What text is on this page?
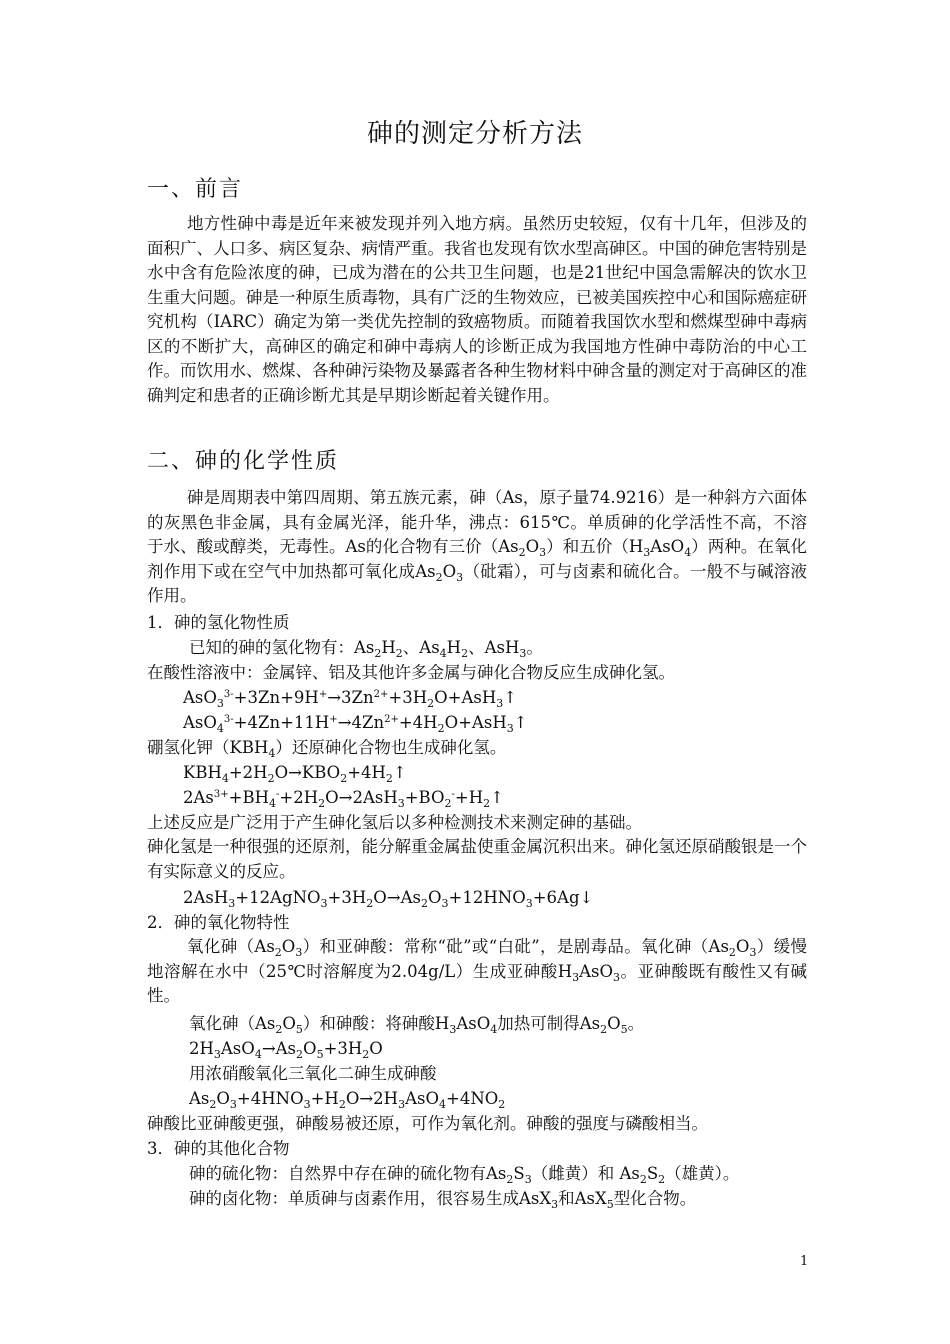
砷的测定分析方法
一、前言
地方性砷中毒是近年来被发现并列入地方病。虽然历史较短，仅有十几年，但涉及的面积广、人口多、病区复杂、病情严重。我省也发现有饮水型高砷区。中国的砷危害特别是水中含有危险浓度的砷，已成为潜在的公共卫生问题，也是21世纪中国急需解决的饮水卫生重大问题。砷是一种原生质毒物，具有广泛的生物效应，已被美国疾控中心和国际癌症研究机构（IARC）确定为第一类优先控制的致癌物质。而随着我国饮水型和燃煤型砷中毒病区的不断扩大，高砷区的确定和砷中毒病人的诊断正成为我国地方性砷中毒防治的中心工作。而饮用水、燃煤、各种砷污染物及暴露者各种生物材料中砷含量的测定对于高砷区的准确判定和患者的正确诊断尤其是早期诊断起着关键作用。
二、砷的化学性质
砷是周期表中第四周期、第五族元素，砷（As，原子量74.9216）是一种斜方六面体的灰黑色非金属，具有金属光泽，能升华，沸点：615℃。单质砷的化学活性不高，不溶于水、酸或醇类，无毒性。As的化合物有三价$(As_2O_3)$和五价$(H_3AsO_4)$两种。在氧化剂作用下或在空气中加热都可氧化成$As_2O_3$（砒霜），可与卤素和硫化合。一般不与碱溶液作用。
1．砷的氢化物性质
已知的砷的氢化物有：$As_2H_2$、$As_4H_2$、AsH$_3$。
在酸性溶液中：金属锌、铝及其他许多金属与砷化合物反应生成砷化氢。
$AsO_3^{3-}+3Zn+9H^+\to 3Zn^{2+}+3H_2O+AsH_3↑$
$AsO_4^{3-}+4Zn+11H^+\to 4Zn^{2+}+4H_2O+AsH_3↑$
硼氢化钾$(KBH_4)$还原砷化合物也生成砷化氢。
$KBH_4+2H_2O\to KBO_2+4H_2↑$
$2As^{3+}+BH_4^-+2H_2O\to 2AsH_3+BO_2^-+H_2↑$
上述反应是广泛用于产生砷化氢后以多种检测技术来测定砷的基础。
砷化氢是一种很强的还原剂，能分解重金属盐使重金属沉积出来。砷化氢还原硝酸银是一个有实际意义的反应。
$2AsH_3+12AgNO_3+3H_2O\to As_2O_3+12HNO_3+6Ag↓$
2．砷的氧化物特性
氧化砷$(As_2O_3)$和亚砷酸：常称“砒”或“白砒”，是剧毒品。氧化砷$(As_2O_3)$缓慢地溶解在水中（25℃时溶解度为2.04g/L）生成亚砷酸$H_3AsO_3$。亚砷酸既有酸性又有碱性。
氧化砷$(As_2O_5)$和砷酸：将砷酸$H_3AsO_4$加热可制得$As_2O_5$。
$2H_3AsO_4\to As_2O_5+3H_2O$
用浓硝酸氧化三氧化二砷生成砷酸
$As_2O_3+4HNO_3+H_2O\to 2H_3AsO_4+4NO_2$
砷酸比亚砷酸更强，砷酸易被还原，可作为氧化剂。砷酸的强度与磷酸相当。
3．砷的其他化合物
砷的硫化物：自然界中存在砷的硫化物有$As_2S_3$（雌黄）和 $As_2S_2$（雄黄）。
砷的卤化物：单质砷与卤素作用，很容易生成AsX$_3$和AsX$_5$型化合物。
1
